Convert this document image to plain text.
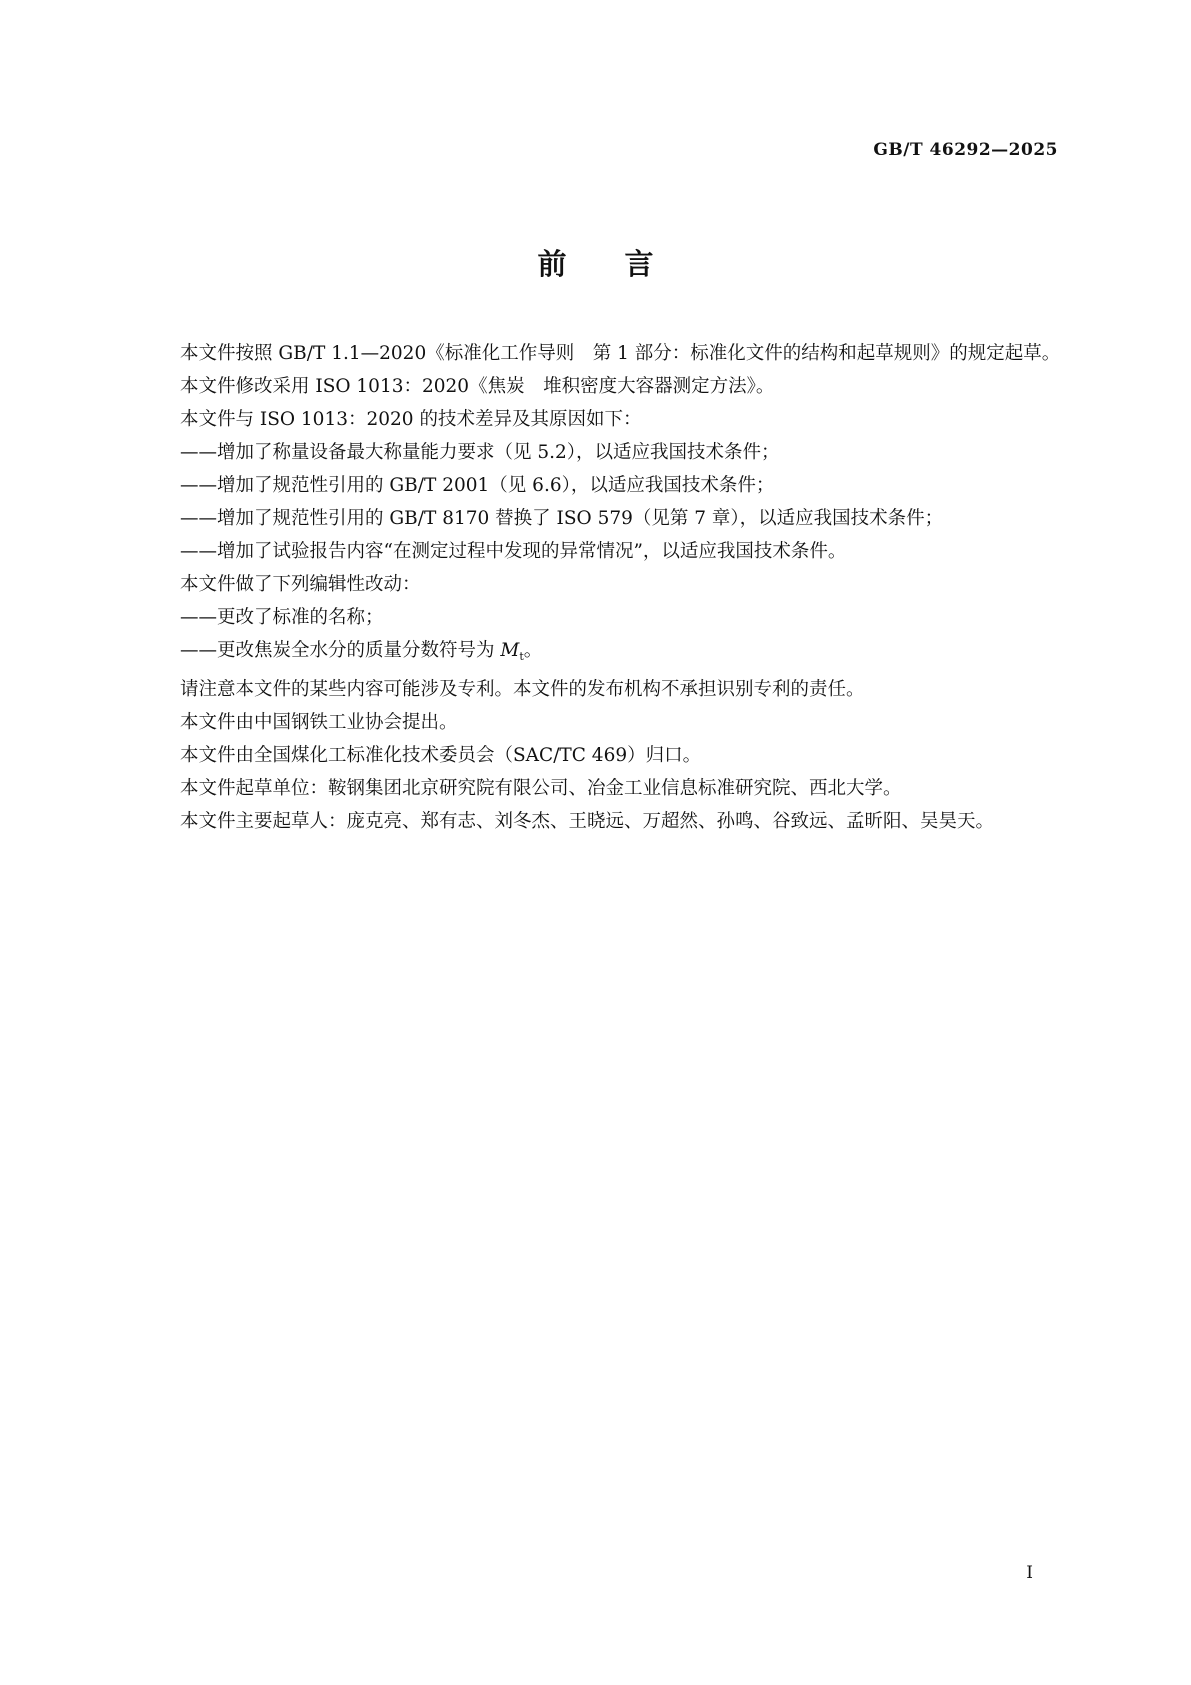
GB/T 46292—2025
前言

本文件按照 GB/T 1.1—2020《标准化工作导则　第 1 部分：标准化文件的结构和起草规则》的规定起草。

本文件修改采用 ISO 1013：2020《焦炭　堆积密度大容器测定方法》。

本文件与 ISO 1013：2020 的技术差异及其原因如下：

——增加了称量设备最大称量能力要求（见 5.2），以适应我国技术条件；

——增加了规范性引用的 GB/T 2001（见 6.6），以适应我国技术条件；

——增加了规范性引用的 GB/T 8170 替换了 ISO 579（见第 7 章），以适应我国技术条件；

——增加了试验报告内容“在测定过程中发现的异常情况”，以适应我国技术条件。

本文件做了下列编辑性改动：

——更改了标准的名称；

——更改焦炭全水分的质量分数符号为 $M_t$。

请注意本文件的某些内容可能涉及专利。本文件的发布机构不承担识别专利的责任。

本文件由中国钢铁工业协会提出。

本文件由全国煤化工标准化技术委员会（SAC/TC 469）归口。

本文件起草单位：鞍钢集团北京研究院有限公司、冶金工业信息标准研究院、西北大学。

本文件主要起草人：庞克亮、郑有志、刘冬杰、王晓远、万超然、孙鸣、谷致远、孟昕阳、吴昊天。

I
